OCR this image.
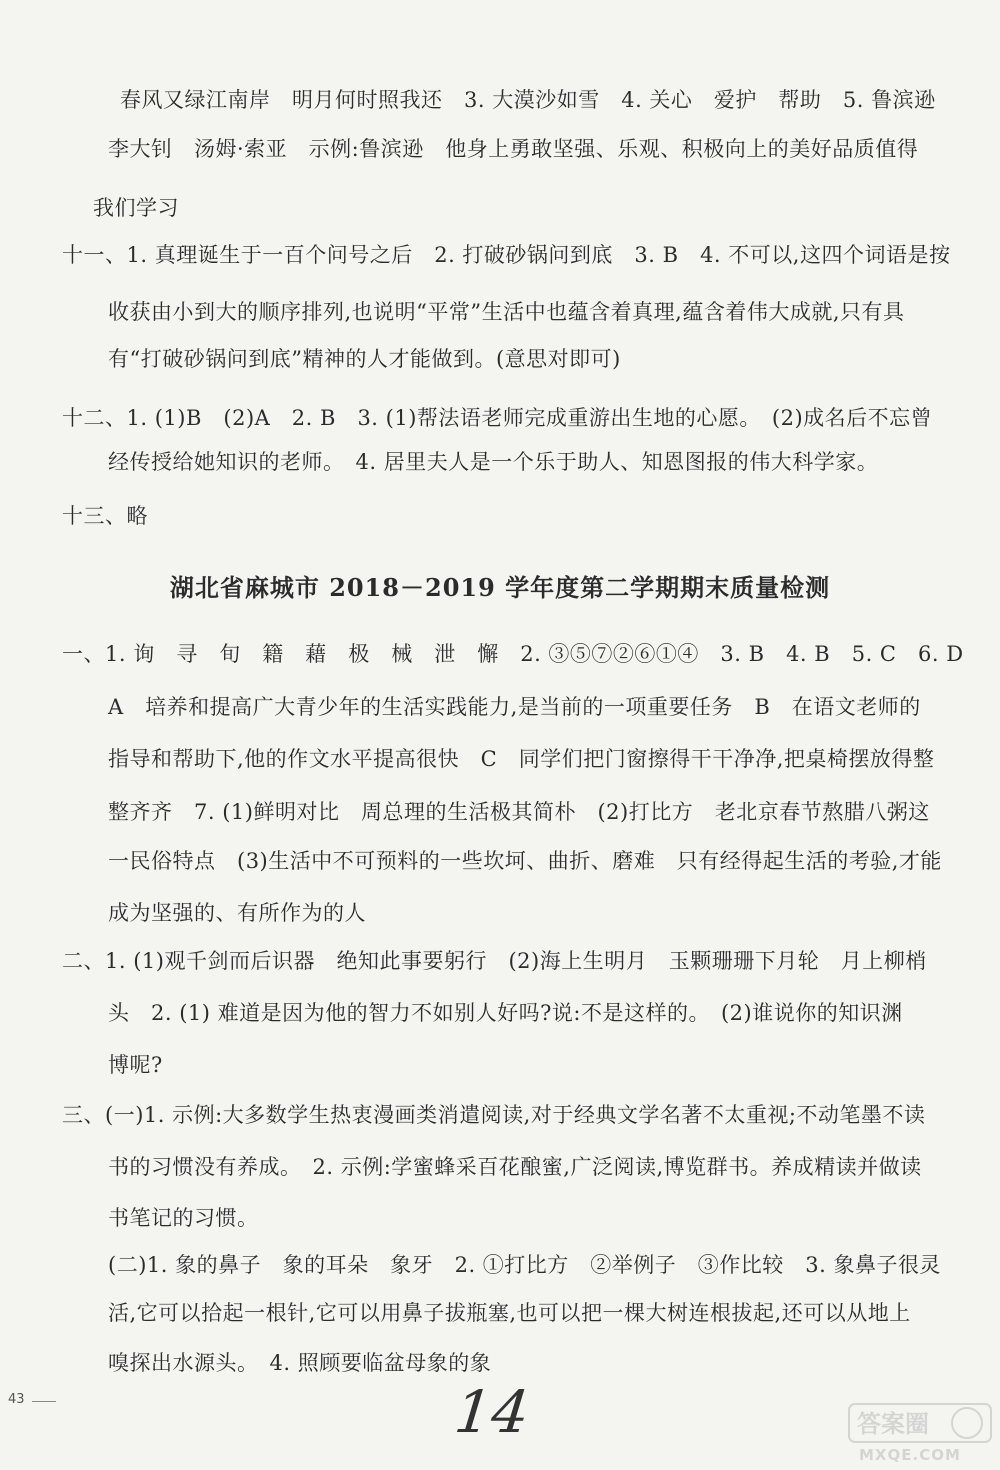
春风又绿江南岸　明月何时照我还　3. 大漠沙如雪　4. 关心　爱护　帮助　5. 鲁滨逊
李大钊　汤姆·索亚　示例:鲁滨逊　他身上勇敢坚强、乐观、积极向上的美好品质值得
我们学习
十一、1. 真理诞生于一百个问号之后　2. 打破砂锅问到底　3. B　4. 不可以,这四个词语是按
收获由小到大的顺序排列,也说明“平常”生活中也蕴含着真理,蕴含着伟大成就,只有具
有“打破砂锅问到底”精神的人才能做到。(意思对即可)
十二、1. (1)B　(2)A　2. B　3. (1)帮法语老师完成重游出生地的心愿。　(2)成名后不忘曾
经传授给她知识的老师。　4. 居里夫人是一个乐于助人、知恩图报的伟大科学家。
十三、略
湖北省麻城市 2018－2019 学年度第二学期期末质量检测
一、1. 询　寻　旬　籍　藉　极　械　泄　懈　2. ③⑤⑦②⑥①④　3. B　4. B　5. C　6. D
A　培养和提高广大青少年的生活实践能力,是当前的一项重要任务　B　在语文老师的
指导和帮助下,他的作文水平提高很快　C　同学们把门窗擦得干干净净,把桌椅摆放得整
整齐齐　7. (1)鲜明对比　周总理的生活极其简朴　(2)打比方　老北京春节熬腊八粥这
一民俗特点　(3)生活中不可预料的一些坎坷、曲折、磨难　只有经得起生活的考验,才能
成为坚强的、有所作为的人
二、1. (1)观千剑而后识器　绝知此事要躬行　(2)海上生明月　玉颗珊珊下月轮　月上柳梢
头　2. (1) 难道是因为他的智力不如别人好吗?说:不是这样的。　(2)谁说你的知识渊
博呢?
三、(一)1. 示例:大多数学生热衷漫画类消遣阅读,对于经典文学名著不太重视;不动笔墨不读
书的习惯没有养成。　2. 示例:学蜜蜂采百花酿蜜,广泛阅读,博览群书。养成精读并做读
书笔记的习惯。
(二)1. 象的鼻子　象的耳朵　象牙　2. ①打比方　②举例子　③作比较　3. 象鼻子很灵
活,它可以拾起一根针,它可以用鼻子拔瓶塞,也可以把一棵大树连根拔起,还可以从地上
嗅探出水源头。　4. 照顾要临盆母象的象
43	14	答案圈
MXQE.COM
